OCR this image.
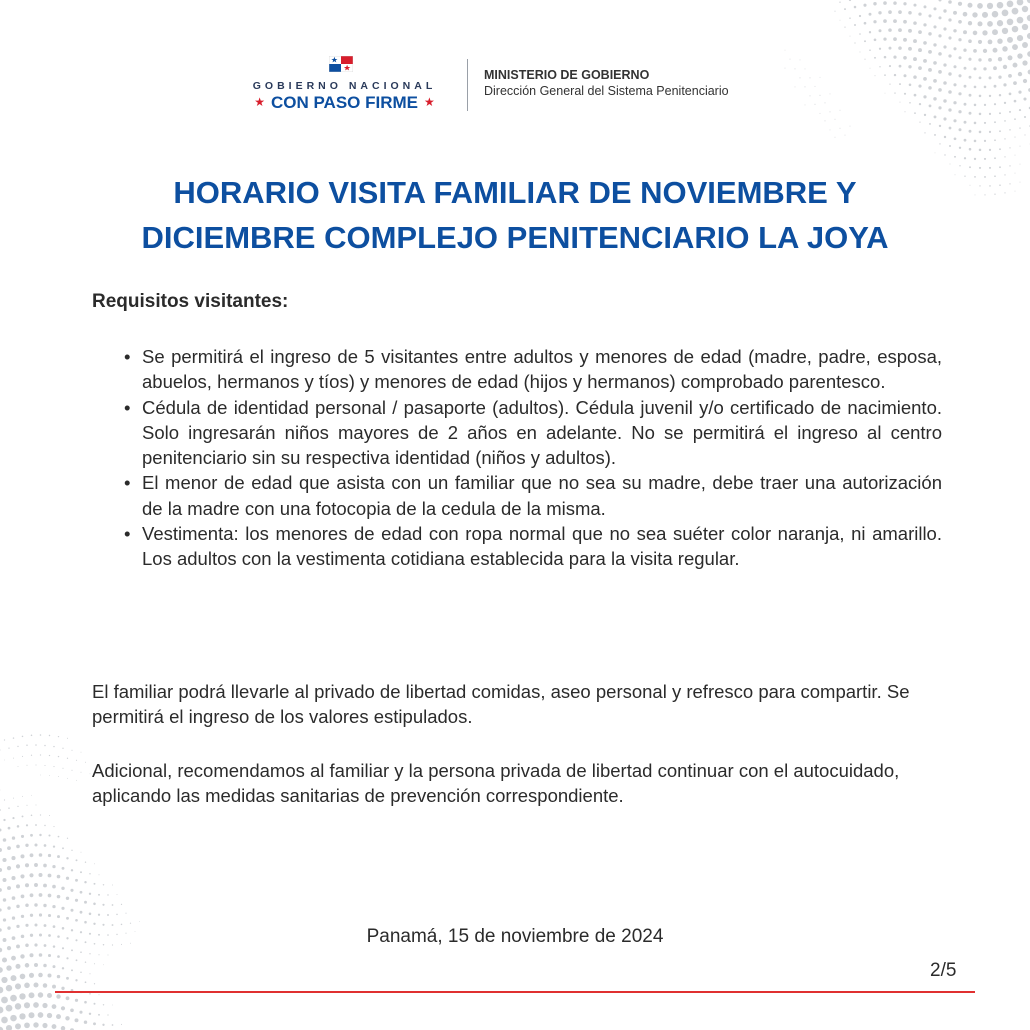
GOBIERNO NACIONAL
★ CON PASO FIRME ★
MINISTERIO DE GOBIERNO
Dirección General del Sistema Penitenciario
HORARIO VISITA FAMILIAR DE NOVIEMBRE Y
DICIEMBRE COMPLEJO PENITENCIARIO LA JOYA
Requisitos visitantes:
• Se permitirá el ingreso de 5 visitantes entre adultos y menores de edad (madre, padre, esposa, abuelos, hermanos y tíos) y menores de edad (hijos y hermanos) comprobado parentesco.
• Cédula de identidad personal / pasaporte (adultos). Cédula juvenil y/o certificado de nacimiento. Solo ingresarán niños mayores de 2 años en adelante. No se permitirá el ingreso al centro penitenciario sin su respectiva identidad (niños y adultos).
• El menor de edad que asista con un familiar que no sea su madre, debe traer una autorización de la madre con una fotocopia de la cedula de la misma.
• Vestimenta: los menores de edad con ropa normal que no sea suéter color naranja, ni amarillo. Los adultos con la vestimenta cotidiana establecida para la visita regular.

El familiar podrá llevarle al privado de libertad comidas, aseo personal y refresco para compartir. Se permitirá el ingreso de los valores estipulados.

Adicional, recomendamos al familiar y la persona privada de libertad continuar con el autocuidado, aplicando las medidas sanitarias de prevención correspondiente.

Panamá, 15 de noviembre de 2024
2/5
